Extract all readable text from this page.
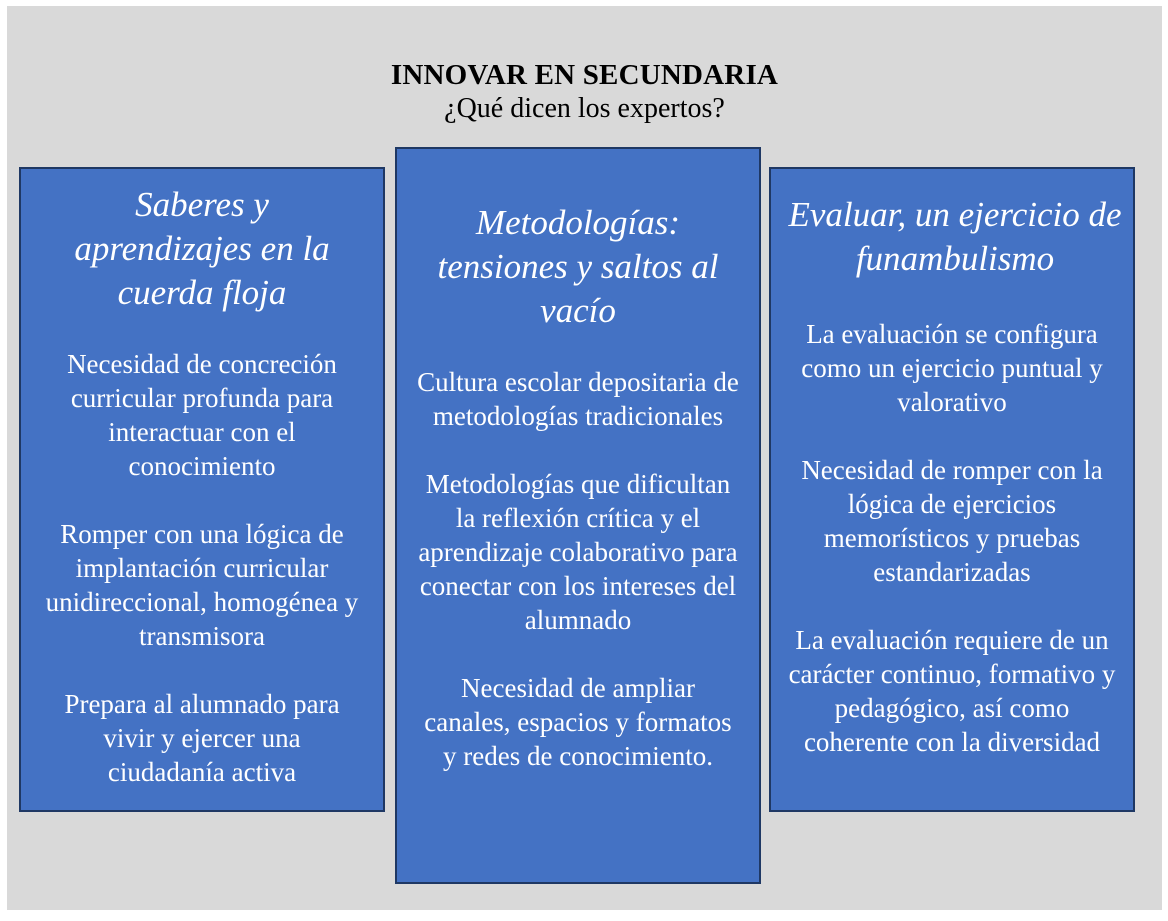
INNOVAR EN SECUNDARIA
¿Qué dicen los expertos?
Saberes y aprendizajes en la cuerda floja
Necesidad de concreción curricular profunda para interactuar con el conocimiento
Romper con una lógica de implantación curricular unidireccional, homogénea y transmisora
Prepara al alumnado para vivir y ejercer una ciudadanía activa
Metodologías: tensiones y saltos al vacío
Cultura escolar depositaria de metodologías tradicionales
Metodologías que dificultan la reflexión crítica y el aprendizaje colaborativo para conectar con los intereses del alumnado
Necesidad de ampliar canales, espacios y formatos y redes de conocimiento.
Evaluar, un ejercicio de funambulismo
La evaluación se configura como un ejercicio puntual y valorativo
Necesidad de romper con la lógica de ejercicios memorísticos y pruebas estandarizadas
La evaluación requiere de un carácter continuo, formativo y pedagógico, así como coherente con la diversidad
